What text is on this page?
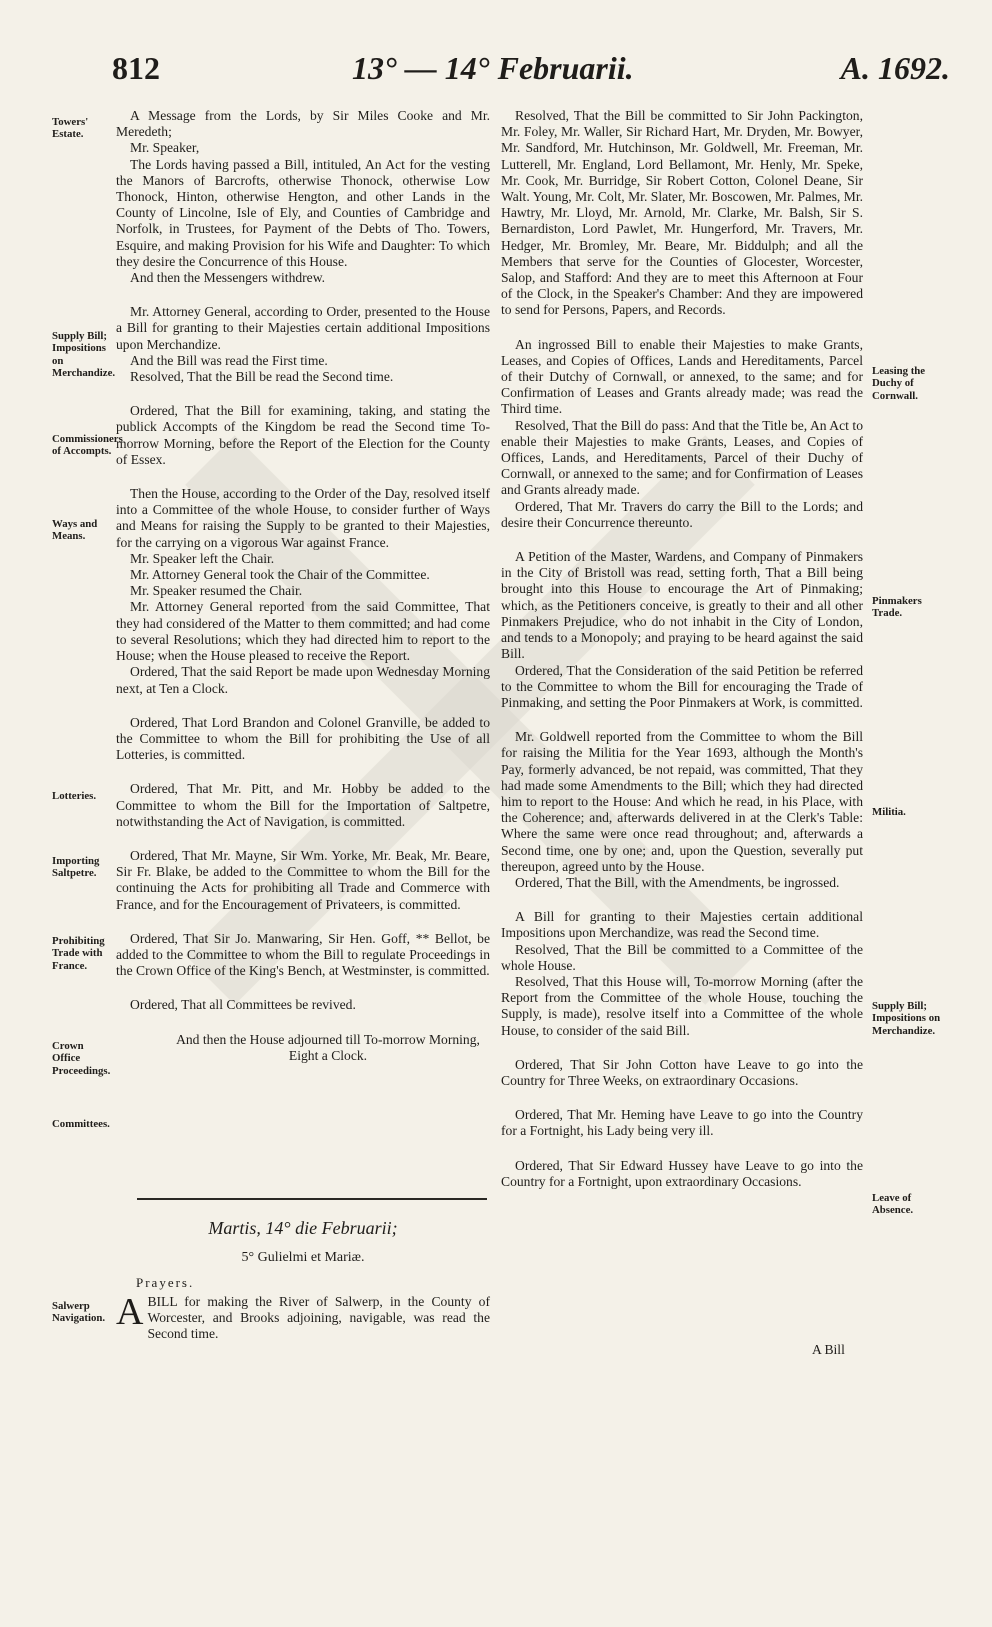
812	13° — 14° Februarii.	A. 1692.
Towers' Estate.
Supply Bill; Impositions on Merchandize.
Commissioners of Accompts.
Ways and Means.
Lotteries.
Importing Saltpetre.
Prohibiting Trade with France.
Crown Office Proceedings.
Committees.
Salwerp Navigation.
Leasing the Duchy of Cornwall.
Pinmakers Trade.
Militia.
Supply Bill; Impositions on Merchandize.
Leave of Absence.

A Message from the Lords, by Sir Miles Cooke and Mr. Meredeth;

Mr. Speaker,

The Lords having passed a Bill, intituled, An Act for the vesting the Manors of Barcrofts, otherwise Thonock, otherwise Low Thonock, Hinton, otherwise Hengton, and other Lands in the County of Lincolne, Isle of Ely, and Counties of Cambridge and Norfolk, in Trustees, for Payment of the Debts of Tho. Towers, Esquire, and making Provision for his Wife and Daughter: To which they desire the Concurrence of this House.

And then the Messengers withdrew.

Mr. Attorney General, according to Order, presented to the House a Bill for granting to their Majesties certain additional Impositions upon Merchandize.

And the Bill was read the First time.

Resolved, That the Bill be read the Second time.

Ordered, That the Bill for examining, taking, and stating the publick Accompts of the Kingdom be read the Second time To-morrow Morning, before the Report of the Election for the County of Essex.

Then the House, according to the Order of the Day, resolved itself into a Committee of the whole House, to consider further of Ways and Means for raising the Supply to be granted to their Majesties, for the carrying on a vigorous War against France.

Mr. Speaker left the Chair.

Mr. Attorney General took the Chair of the Committee.

Mr. Speaker resumed the Chair.

Mr. Attorney General reported from the said Committee, That they had considered of the Matter to them committed; and had come to several Resolutions; which they had directed him to report to the House; when the House pleased to receive the Report.

Ordered, That the said Report be made upon Wednesday Morning next, at Ten a Clock.

Ordered, That Lord Brandon and Colonel Granville, be added to the Committee to whom the Bill for prohibiting the Use of all Lotteries, is committed.

Ordered, That Mr. Pitt, and Mr. Hobby be added to the Committee to whom the Bill for the Importation of Saltpetre, notwithstanding the Act of Navigation, is committed.

Ordered, That Mr. Mayne, Sir Wm. Yorke, Mr. Beak, Mr. Beare, Sir Fr. Blake, be added to the Committee to whom the Bill for the continuing the Acts for prohibiting all Trade and Commerce with France, and for the Encouragement of Privateers, is committed.

Ordered, That Sir Jo. Manwaring, Sir Hen. Goff, ** Bellot, be added to the Committee to whom the Bill to regulate Proceedings in the Crown Office of the King's Bench, at Westminster, is committed.

Ordered, That all Committees be revived.

And then the House adjourned till To-morrow Morning, Eight a Clock.

Martis, 14° die Februarii;
5° Gulielmi et Mariæ.
Prayers.
ABILL for making the River of Salwerp, in the County of Worcester, and Brooks adjoining, navigable, was read the Second time.

Resolved, That the Bill be committed to Sir John Packington, Mr. Foley, Mr. Waller, Sir Richard Hart, Mr. Dryden, Mr. Bowyer, Mr. Sandford, Mr. Hutchinson, Mr. Goldwell, Mr. Freeman, Mr. Lutterell, Mr. England, Lord Bellamont, Mr. Henly, Mr. Speke, Mr. Cook, Mr. Burridge, Sir Robert Cotton, Colonel Deane, Sir Walt. Young, Mr. Colt, Mr. Slater, Mr. Boscowen, Mr. Palmes, Mr. Hawtry, Mr. Lloyd, Mr. Arnold, Mr. Clarke, Mr. Balsh, Sir S. Bernardiston, Lord Pawlet, Mr. Hungerford, Mr. Travers, Mr. Hedger, Mr. Bromley, Mr. Beare, Mr. Biddulph; and all the Members that serve for the Counties of Glocester, Worcester, Salop, and Stafford: And they are to meet this Afternoon at Four of the Clock, in the Speaker's Chamber: And they are impowered to send for Persons, Papers, and Records.

An ingrossed Bill to enable their Majesties to make Grants, Leases, and Copies of Offices, Lands and Hereditaments, Parcel of their Dutchy of Cornwall, or annexed, to the same; and for Confirmation of Leases and Grants already made; was read the Third time.

Resolved, That the Bill do pass: And that the Title be, An Act to enable their Majesties to make Grants, Leases, and Copies of Offices, Lands, and Hereditaments, Parcel of their Duchy of Cornwall, or annexed to the same; and for Confirmation of Leases and Grants already made.

Ordered, That Mr. Travers do carry the Bill to the Lords; and desire their Concurrence thereunto.

A Petition of the Master, Wardens, and Company of Pinmakers in the City of Bristoll was read, setting forth, That a Bill being brought into this House to encourage the Art of Pinmaking; which, as the Petitioners conceive, is greatly to their and all other Pinmakers Prejudice, who do not inhabit in the City of London, and tends to a Monopoly; and praying to be heard against the said Bill.

Ordered, That the Consideration of the said Petition be referred to the Committee to whom the Bill for encouraging the Trade of Pinmaking, and setting the Poor Pinmakers at Work, is committed.

Mr. Goldwell reported from the Committee to whom the Bill for raising the Militia for the Year 1693, although the Month's Pay, formerly advanced, be not repaid, was committed, That they had made some Amendments to the Bill; which they had directed him to report to the House: And which he read, in his Place, with the Coherence; and, afterwards delivered in at the Clerk's Table: Where the same were once read throughout; and, afterwards a Second time, one by one; and, upon the Question, severally put thereupon, agreed unto by the House.

Ordered, That the Bill, with the Amendments, be ingrossed.

A Bill for granting to their Majesties certain additional Impositions upon Merchandize, was read the Second time.

Resolved, That the Bill be committed to a Committee of the whole House.

Resolved, That this House will, To-morrow Morning (after the Report from the Committee of the whole House, touching the Supply, is made), resolve itself into a Committee of the whole House, to consider of the said Bill.

Ordered, That Sir John Cotton have Leave to go into the Country for Three Weeks, on extraordinary Occasions.

Ordered, That Mr. Heming have Leave to go into the Country for a Fortnight, his Lady being very ill.

Ordered, That Sir Edward Hussey have Leave to go into the Country for a Fortnight, upon extraordinary Occasions.

A Bill
